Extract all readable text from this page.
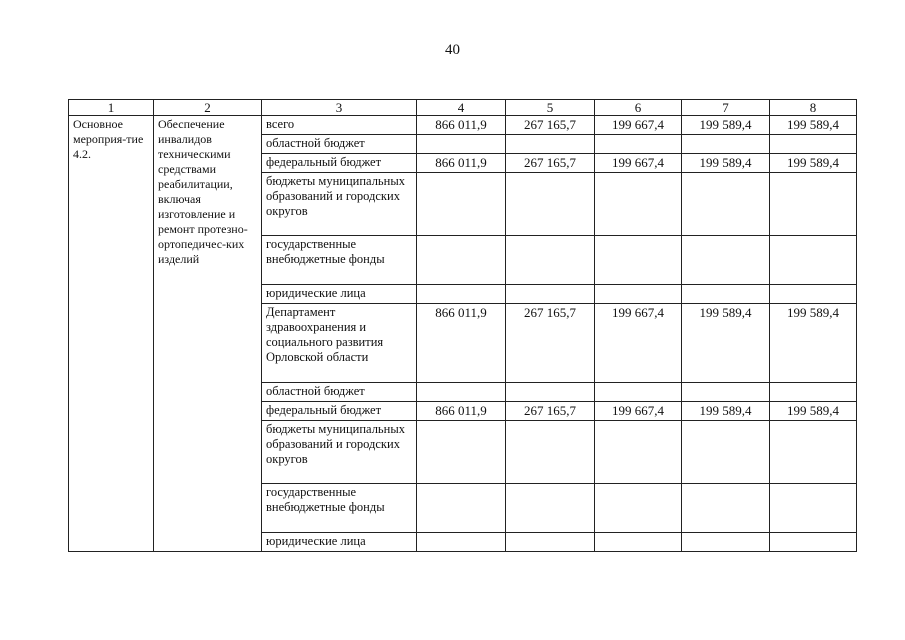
40
1	2	3	4	5	6	7	8
Основное мероприя-тие 4.2.	Обеспечение инвалидов техническими средствами реабилитации, включая изготовление и ремонт протезно-ортопедичес-ких изделий	всего	866 011,9	267 165,7	199 667,4	199 589,4	199 589,4
		областной бюджет					
		федеральный бюджет	866 011,9	267 165,7	199 667,4	199 589,4	199 589,4
		бюджеты муниципальных образований и городских округов					
		государственные внебюджетные фонды					
		юридические лица					
		Департамент здравоохранения и социального развития Орловской области	866 011,9	267 165,7	199 667,4	199 589,4	199 589,4
		областной бюджет					
		федеральный бюджет	866 011,9	267 165,7	199 667,4	199 589,4	199 589,4
		бюджеты муниципальных образований и городских округов					
		государственные внебюджетные фонды					
		юридические лица					
